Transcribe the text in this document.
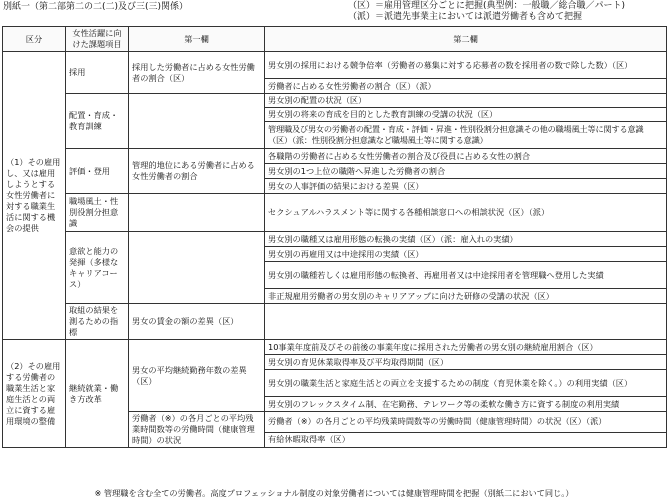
別紙一（第二部第二の二(二)及び三(三)関係）	（区）＝雇用管理区分ごとに把握(典型例：一般職／総合職／パート)
（派）＝派遣先事業主においては派遣労働者も含めて把握
区分	女性活躍に向けた課題項目	第一欄	第二欄
（1）その雇用し、又は雇用しようとする女性労働者に対する職業生活に関する機会の提供	採用	採用した労働者に占める女性労働者の割合（区）	男女別の採用における競争倍率（労働者の募集に対する応募者の数を採用者の数で除した数）（区）
			労働者に占める女性労働者の割合（区）（派）
	配置・育成・教育訓練		男女別の配置の状況（区）
			男女別の将来の育成を目的とした教育訓練の受講の状況（区）
			管理職及び男女の労働者の配置・育成・評価・昇進・性別役割分担意識その他の職場風土等に関する意識（区）（派：性別役割分担意識など職場風土等に関する意識）
	評価・登用	管理的地位にある労働者に占める女性労働者の割合	各職階の労働者に占める女性労働者の割合及び役員に占める女性の割合
			男女別の1つ上位の職階へ昇進した労働者の割合
			男女の人事評価の結果における差異（区）
	職場風土・性別役割分担意識		セクシュアルハラスメント等に関する各種相談窓口への相談状況（区）（派）
	意欲と能力の発揮（多様なキャリアコース）		男女別の職種又は雇用形態の転換の実績（区）（派：雇入れの実績）
			男女別の再雇用又は中途採用の実績（区）
			男女別の職種若しくは雇用形態の転換者、再雇用者又は中途採用者を管理職へ登用した実績
			非正規雇用労働者の男女別のキャリアアップに向けた研修の受講の状況（区）
	取組の結果を測るための指標	男女の賃金の額の差異（区）	
（2）その雇用する労働者の職業生活と家庭生活との両立に資する雇用環境の整備	継続就業・働き方改革	男女の平均継続勤務年数の差異（区）	10事業年度前及びその前後の事業年度に採用された労働者の男女別の継続雇用割合（区）
			男女別の育児休業取得率及び平均取得期間（区）
			男女別の職業生活と家庭生活との両立を支援するための制度（育児休業を除く。）の利用実績（区）
			男女別のフレックスタイム制、在宅勤務、テレワーク等の柔軟な働き方に資する制度の利用実績
		労働者（※）の各月ごとの平均残業時間数等の労働時間（健康管理時間）の状況	労働者（※）の各月ごとの平均残業時間数等の労働時間（健康管理時間）の状況（区）（派）
			有給休暇取得率（区）
※ 管理職を含む全ての労働者。高度プロフェッショナル制度の対象労働者については健康管理時間を把握（別紙二において同じ。）
